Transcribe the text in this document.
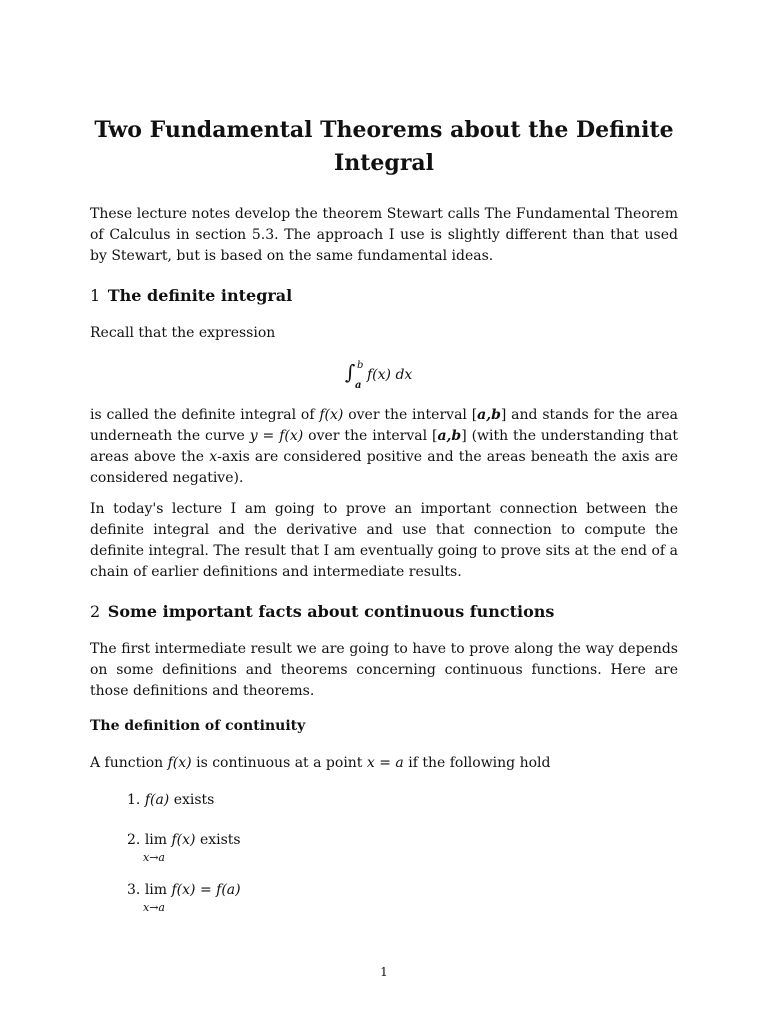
Two Fundamental Theorems about the Definite Integral

These lecture notes develop the theorem Stewart calls The Fundamental Theorem of Calculus in section 5.3. The approach I use is slightly different than that used by Stewart, but is based on the same fundamental ideas.

1 The definite integral

Recall that the expression

∫ b
a
f(x) dx

is called the definite integral of f(x) over the interval [a,b] and stands for the area underneath the curve y = f(x) over the interval [a,b] (with the understanding that areas above the x-axis are considered positive and the areas beneath the axis are considered negative).

In today's lecture I am going to prove an important connection between the definite integral and the derivative and use that connection to compute the definite integral. The result that I am eventually going to prove sits at the end of a chain of earlier definitions and intermediate results.

2 Some important facts about continuous functions

The first intermediate result we are going to have to prove along the way depends on some definitions and theorems concerning continuous functions. Here are those definitions and theorems.

The definition of continuity

A function f(x) is continuous at a point x = a if the following hold

1. f(a) exists
2. lim f(x) exists
x→a
3. lim f(x) = f(a)
x→a
1
